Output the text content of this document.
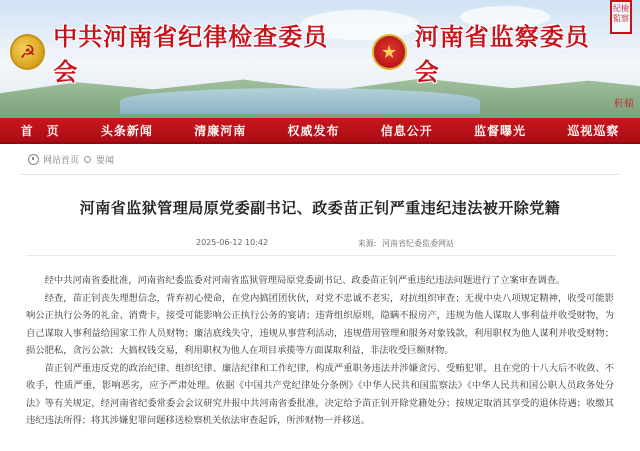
☭
中共河南省纪律检查委员会
★
河南省监察委员会
紀檢監察
軒轅
首　页	头条新闻	清廉河南	权威发布	信息公开	监督曝光	巡视巡察
网站首页 要闻
河南省监狱管理局原党委副书记、政委苗正钊严重违纪违法被开除党籍
2025-06-12 10:42	来源: 河南省纪委监委网站

经中共河南省委批准，河南省纪委监委对河南省监狱管理局原党委副书记、政委苗正钊严重违纪违法问题进行了立案审查调查。

经查，苗正钊丧失理想信念，背弃初心使命，在党内搞团团伙伙，对党不忠诚不老实，对抗组织审查；无视中央八项规定精神，收受可能影响公正执行公务的礼金、消费卡，接受可能影响公正执行公务的宴请；违背组织原则，隐瞒不报房产，违规为他人谋取人事利益并收受财物，为自己谋取人事利益给国家工作人员财物；廉洁底线失守，违规从事营利活动，违规借用管理和服务对象钱款，利用职权为他人谋利并收受财物；损公肥私，贪污公款；大搞权钱交易，利用职权为他人在项目承揽等方面谋取利益，非法收受巨额财物。

苗正钊严重违反党的政治纪律、组织纪律、廉洁纪律和工作纪律，构成严重职务违法并涉嫌贪污、受贿犯罪，且在党的十八大后不收敛、不收手，性质严重，影响恶劣，应予严肃处理。依据《中国共产党纪律处分条例》《中华人民共和国监察法》《中华人民共和国公职人员政务处分法》等有关规定，经河南省纪委常委会会议研究并报中共河南省委批准，决定给予苗正钊开除党籍处分；按规定取消其享受的退休待遇；收缴其违纪违法所得；将其涉嫌犯罪问题移送检察机关依法审查起诉，所涉财物一并移送。
